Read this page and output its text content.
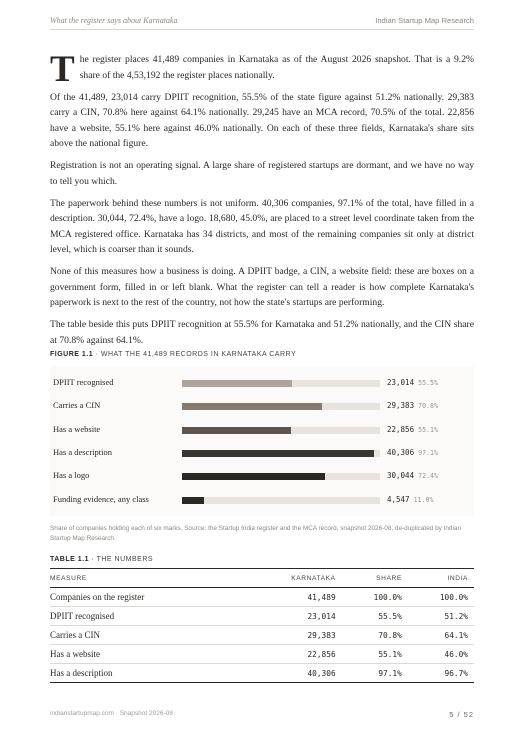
What the register says about Karnataka	Indian Startup Map Research

The register places 41,489 companies in Karnataka as of the August 2026 snapshot. That is a 9.2% share of the 4,53,192 the register places nationally.

Of the 41,489, 23,014 carry DPIIT recognition, 55.5% of the state figure against 51.2% nationally. 29,383 carry a CIN, 70.8% here against 64.1% nationally. 29,245 have an MCA record, 70.5% of the total. 22,856 have a website, 55.1% here against 46.0% nationally. On each of these three fields, Karnataka's share sits above the national figure.

Registration is not an operating signal. A large share of registered startups are dormant, and we have no way to tell you which.

The paperwork behind these numbers is not uniform. 40,306 companies, 97.1% of the total, have filled in a description. 30,044, 72.4%, have a logo. 18,680, 45.0%, are placed to a street level coordinate taken from the MCA registered office. Karnataka has 34 districts, and most of the remaining companies sit only at district level, which is coarser than it sounds.

None of this measures how a business is doing. A DPIIT badge, a CIN, a website field: these are boxes on a government form, filled in or left blank. What the register can tell a reader is how complete Karnataka's paperwork is next to the rest of the country, not how the state's startups are performing.

The table beside this puts DPIIT recognition at 55.5% for Karnataka and 51.2% nationally, and the CIN share at 70.8% against 64.1%.

FIGURE 1.1 · WHAT THE 41,489 RECORDS IN KARNATAKA CARRY
DPIIT recognised	23,014 55.5%
Carries a CIN	29,383 70.8%
Has a website	22,856 55.1%
Has a description	40,306 97.1%
Has a logo	30,044 72.4%
Funding evidence, any class	4,547 11.0%
Share of companies holding each of six marks. Source: the Startup India register and the MCA record, snapshot 2026-08, de-duplicated by Indian Startup Map Research.
TABLE 1.1 · THE NUMBERS
MEASURE	KARNATAKA	SHARE	INDIA
Companies on the register	41,489	100.0%	100.0%
DPIIT recognised	23,014	55.5%	51.2%
Carries a CIN	29,383	70.8%	64.1%
Has a website	22,856	55.1%	46.0%
Has a description	40,306	97.1%	96.7%
indianstartupmap.com · Snapshot 2026-08	5 / 52
